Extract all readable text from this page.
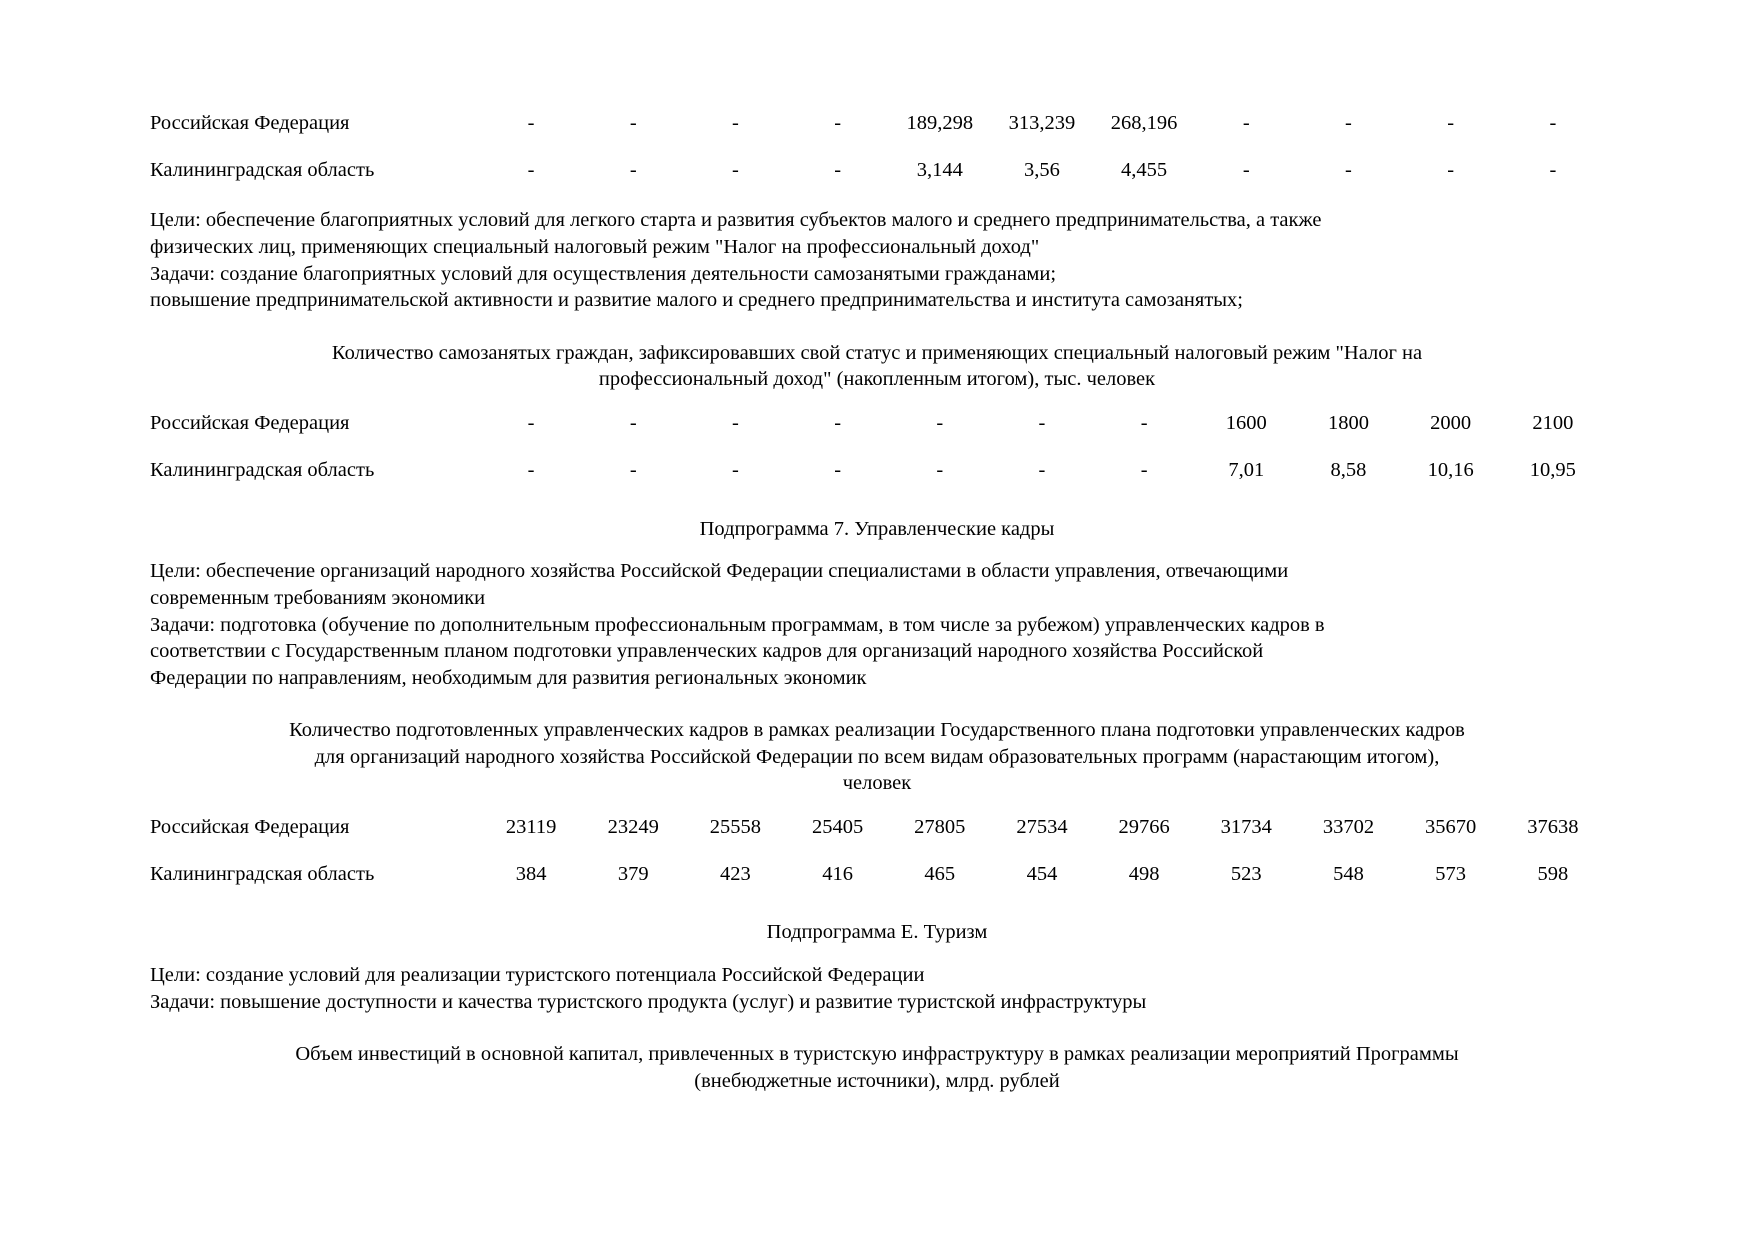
Российская Федерация	-	-	-	-	189,298	313,239	268,196	-	-	-	-
Калининградская область	-	-	-	-	3,144	3,56	4,455	-	-	-	-

Цели: обеспечение благоприятных условий для легкого старта и развития субъектов малого и среднего предпринимательства, а также

физических лиц, применяющих специальный налоговый режим "Налог на профессиональный доход"

Задачи: создание благоприятных условий для осуществления деятельности самозанятыми гражданами;

повышение предпринимательской активности и развитие малого и среднего предпринимательства и института самозанятых;

Количество самозанятых граждан, зафиксировавших свой статус и применяющих специальный налоговый режим "Налог на

профессиональный доход" (накопленным итогом), тыс. человек

Российская Федерация	-	-	-	-	-	-	-	1600	1800	2000	2100
Калининградская область	-	-	-	-	-	-	-	7,01	8,58	10,16	10,95
Подпрограмма 7. Управленческие кадры

Цели: обеспечение организаций народного хозяйства Российской Федерации специалистами в области управления, отвечающими

современным требованиям экономики

Задачи: подготовка (обучение по дополнительным профессиональным программам, в том числе за рубежом) управленческих кадров в

соответствии с Государственным планом подготовки управленческих кадров для организаций народного хозяйства Российской

Федерации по направлениям, необходимым для развития региональных экономик

Количество подготовленных управленческих кадров в рамках реализации Государственного плана подготовки управленческих кадров

для организаций народного хозяйства Российской Федерации по всем видам образовательных программ (нарастающим итогом),

человек

Российская Федерация	23119	23249	25558	25405	27805	27534	29766	31734	33702	35670	37638
Калининградская область	384	379	423	416	465	454	498	523	548	573	598
Подпрограмма Е. Туризм

Цели: создание условий для реализации туристского потенциала Российской Федерации

Задачи: повышение доступности и качества туристского продукта (услуг) и развитие туристской инфраструктуры

Объем инвестиций в основной капитал, привлеченных в туристскую инфраструктуру в рамках реализации мероприятий Программы

(внебюджетные источники), млрд. рублей
